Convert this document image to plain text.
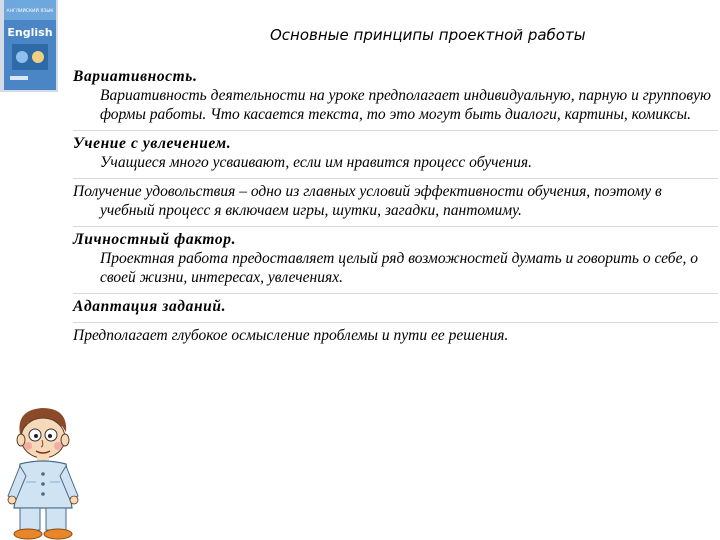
АНГЛИЙСКИЙ ЯЗЫК
English	Основные принципы проектной работы
Вариативность.
Вариативность деятельности на уроке предполагает индивидуальную, парную и групповую формы работы. Что касается текста, то это могут быть диалоги, картины, комиксы.
Учение с увлечением.
Учащиеся много усваивают, если им нравится процесс обучения.
Получение удовольствия – одно из главных условий эффективности обучения, поэтому в учебный процесс я включаем игры, шутки, загадки, пантомиму.
Личностный фактор.
Проектная работа предоставляет целый ряд возможностей думать и говорить о себе, о своей жизни, интересах, увлечениях.
Адаптация заданий.
Предполагает глубокое осмысление проблемы и пути ее решения.
